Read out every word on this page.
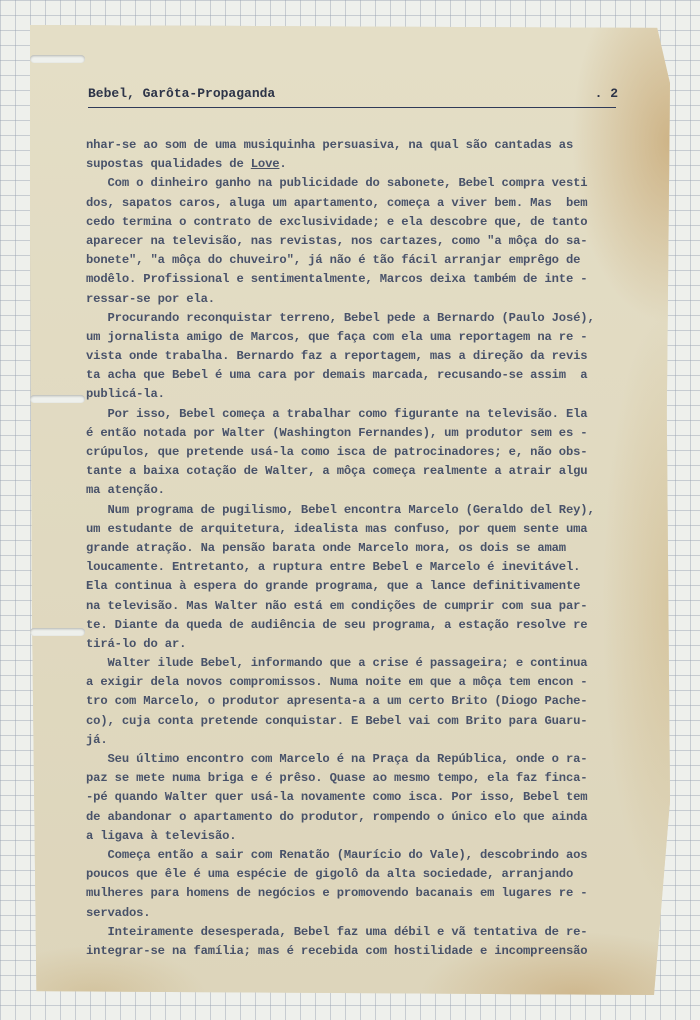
Bebel, Garôta-Propaganda	. 2
nhar-se ao som de uma musiquinha persuasiva, na qual são cantadas as
supostas qualidades de Love.
Com o dinheiro ganho na publicidade do sabonete, Bebel compra vesti
dos, sapatos caros, aluga um apartamento, começa a viver bem. Mas  bem
cedo termina o contrato de exclusividade; e ela descobre que, de tanto
aparecer na televisão, nas revistas, nos cartazes, como "a môça do sa-
bonete", "a môça do chuveiro", já não é tão fácil arranjar emprêgo de
modêlo. Profissional e sentimentalmente, Marcos deixa também de inte -
ressar-se por ela.
Procurando reconquistar terreno, Bebel pede a Bernardo (Paulo José),
um jornalista amigo de Marcos, que faça com ela uma reportagem na re -
vista onde trabalha. Bernardo faz a reportagem, mas a direção da revis
ta acha que Bebel é uma cara por demais marcada, recusando-se assim  a
publicá-la.
Por isso, Bebel começa a trabalhar como figurante na televisão. Ela
é então notada por Walter (Washington Fernandes), um produtor sem es -
crúpulos, que pretende usá-la como isca de patrocinadores; e, não obs-
tante a baixa cotação de Walter, a môça começa realmente a atrair algu
ma atenção.
Num programa de pugilismo, Bebel encontra Marcelo (Geraldo del Rey),
um estudante de arquitetura, idealista mas confuso, por quem sente uma
grande atração. Na pensão barata onde Marcelo mora, os dois se amam
loucamente. Entretanto, a ruptura entre Bebel e Marcelo é inevitável.
Ela continua à espera do grande programa, que a lance definitivamente
na televisão. Mas Walter não está em condições de cumprir com sua par-
te. Diante da queda de audiência de seu programa, a estação resolve re
tirá-lo do ar.
Walter ilude Bebel, informando que a crise é passageira; e continua
a exigir dela novos compromissos. Numa noite em que a môça tem encon -
tro com Marcelo, o produtor apresenta-a a um certo Brito (Diogo Pache-
co), cuja conta pretende conquistar. E Bebel vai com Brito para Guaru-
já.
Seu último encontro com Marcelo é na Praça da República, onde o ra-
paz se mete numa briga e é prêso. Quase ao mesmo tempo, ela faz finca-
-pé quando Walter quer usá-la novamente como isca. Por isso, Bebel tem
de abandonar o apartamento do produtor, rompendo o único elo que ainda
a ligava à televisão.
Começa então a sair com Renatão (Maurício do Vale), descobrindo aos
poucos que êle é uma espécie de gigolô da alta sociedade, arranjando
mulheres para homens de negócios e promovendo bacanais em lugares re -
servados.
Inteiramente desesperada, Bebel faz uma débil e vã tentativa de re-
integrar-se na família; mas é recebida com hostilidade e incompreensão
